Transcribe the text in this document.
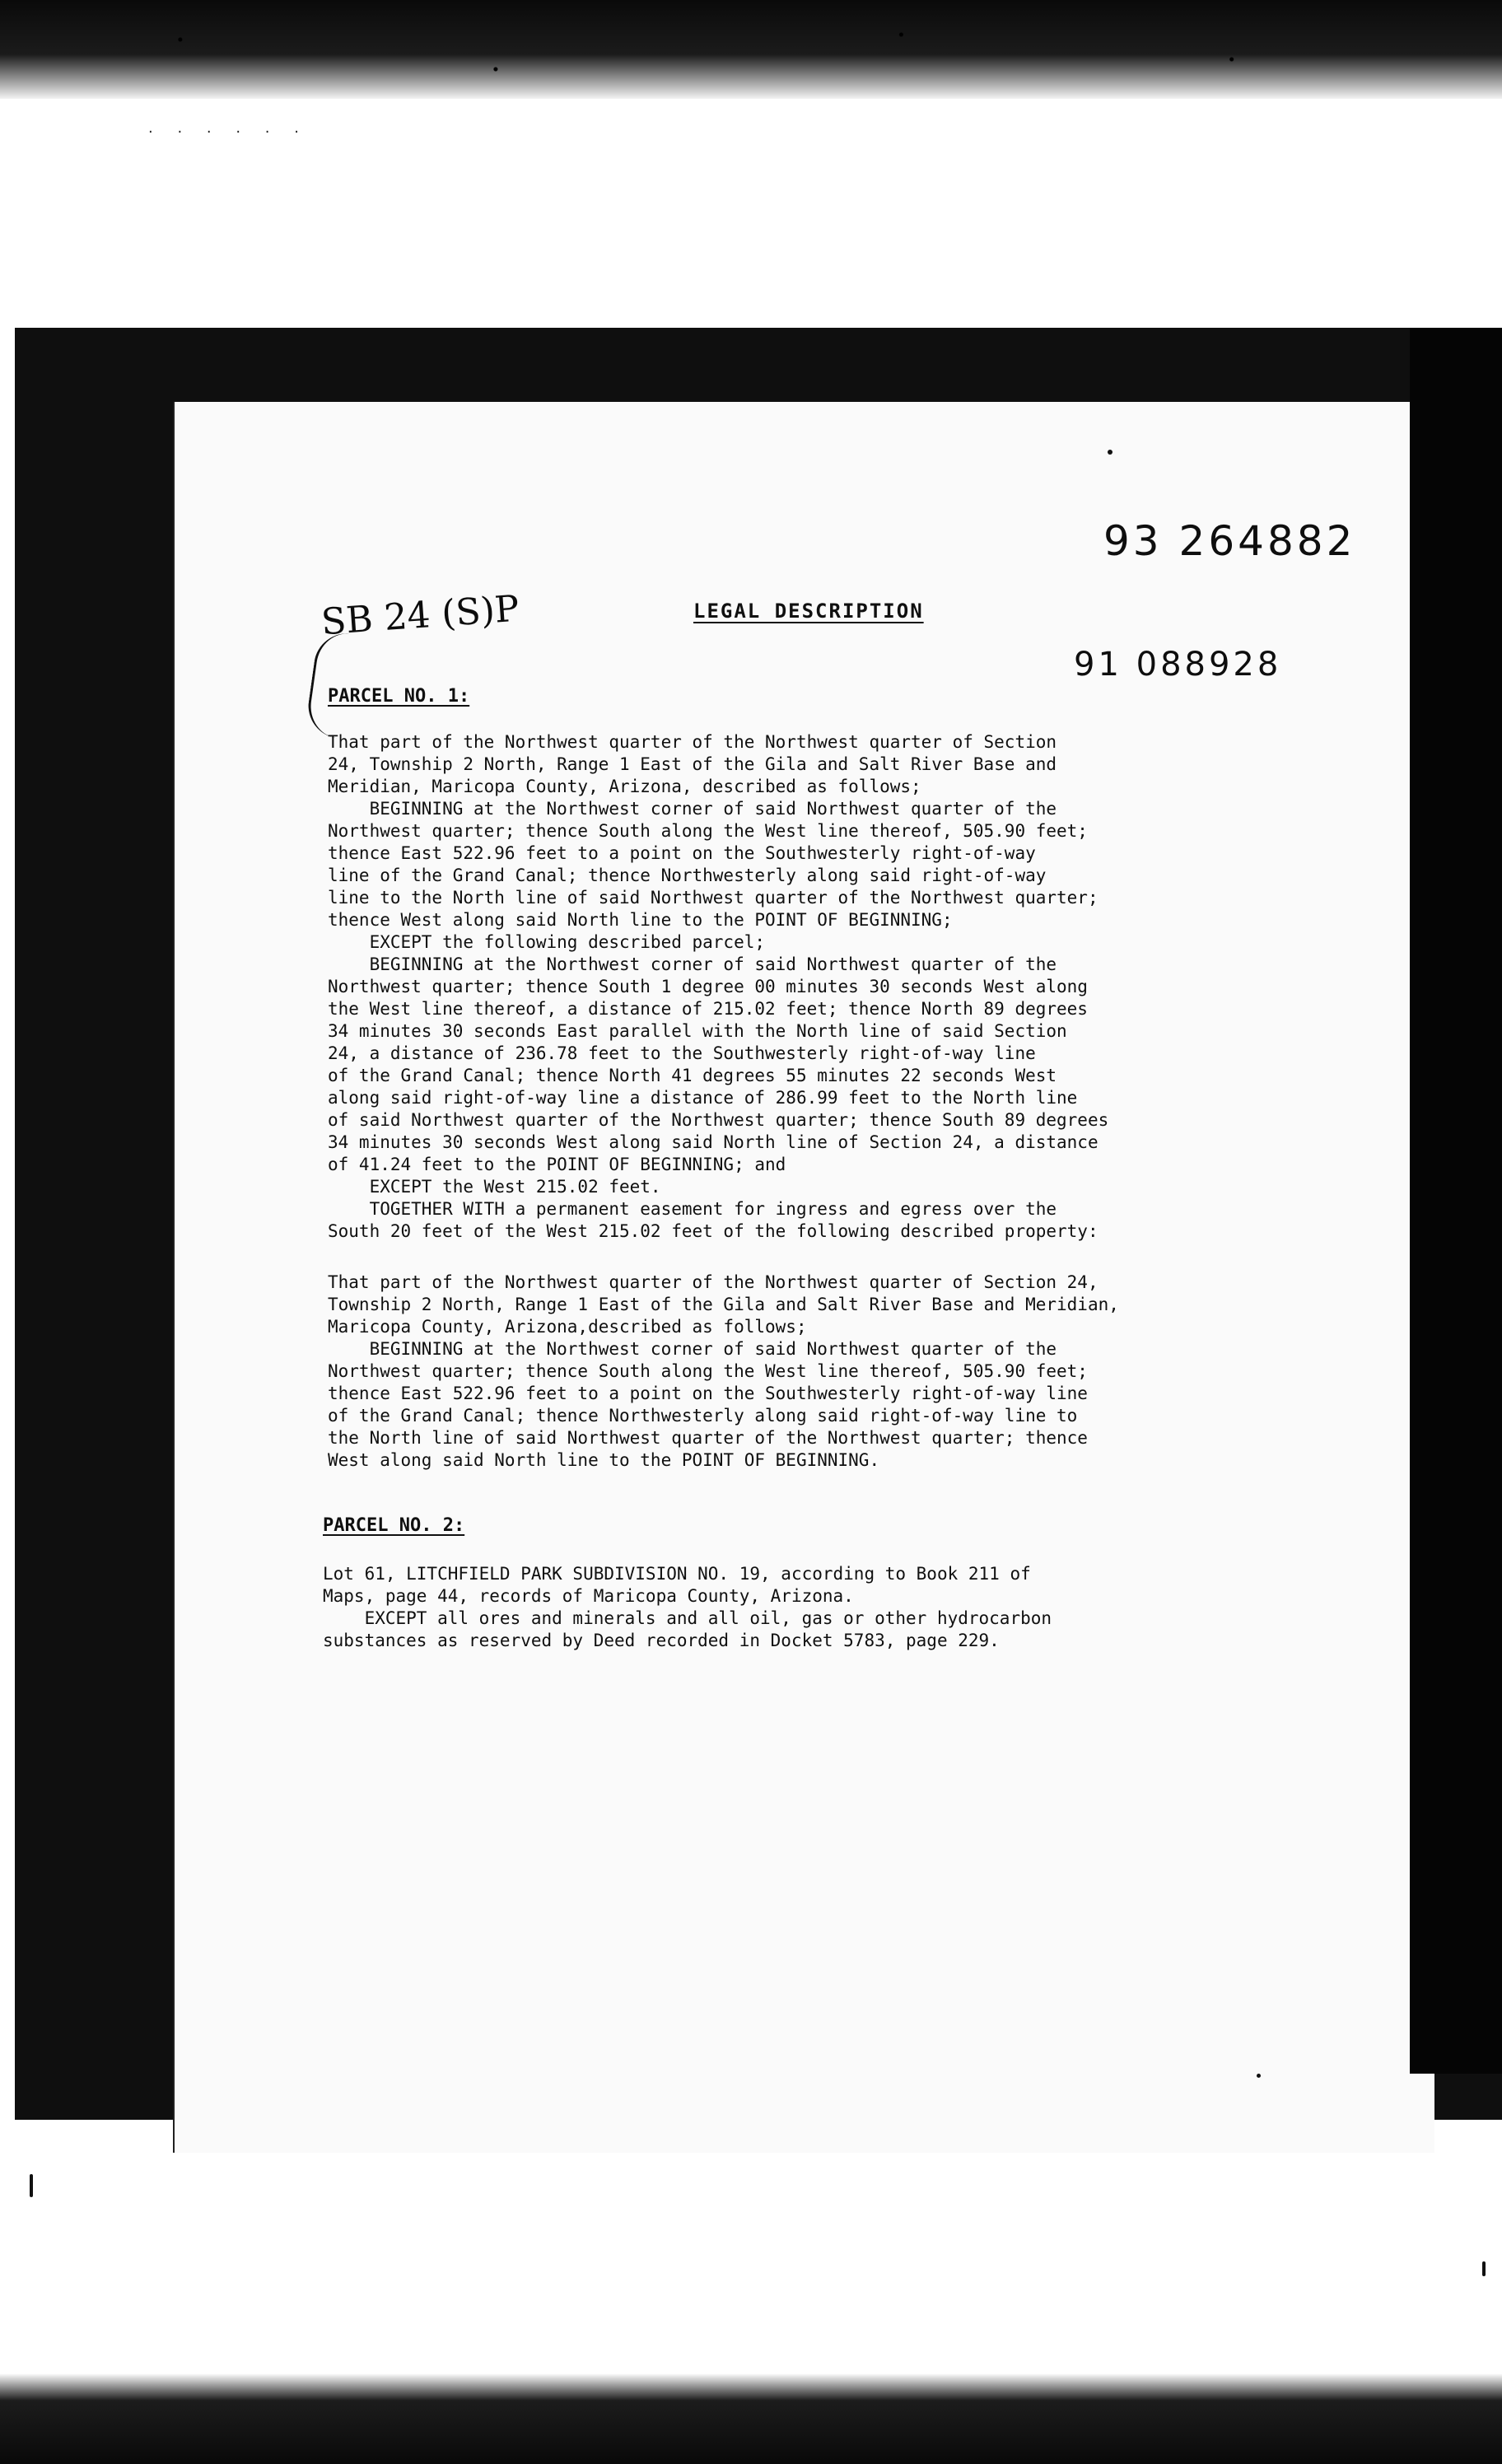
· · · · · ·
93 264882
91 088928
SB 24 (S)P	LEGAL DESCRIPTION
PARCEL NO. 1:
That part of the Northwest quarter of the Northwest quarter of Section
24, Township 2 North, Range 1 East of the Gila and Salt River Base and
Meridian, Maricopa County, Arizona, described as follows;
BEGINNING at the Northwest corner of said Northwest quarter of the
Northwest quarter; thence South along the West line thereof, 505.90 feet;
thence East 522.96 feet to a point on the Southwesterly right-of-way
line of the Grand Canal; thence Northwesterly along said right-of-way
line to the North line of said Northwest quarter of the Northwest quarter;
thence West along said North line to the POINT OF BEGINNING;
EXCEPT the following described parcel;
BEGINNING at the Northwest corner of said Northwest quarter of the
Northwest quarter; thence South 1 degree 00 minutes 30 seconds West along
the West line thereof, a distance of 215.02 feet; thence North 89 degrees
34 minutes 30 seconds East parallel with the North line of said Section
24, a distance of 236.78 feet to the Southwesterly right-of-way line
of the Grand Canal; thence North 41 degrees 55 minutes 22 seconds West
along said right-of-way line a distance of 286.99 feet to the North line
of said Northwest quarter of the Northwest quarter; thence South 89 degrees
34 minutes 30 seconds West along said North line of Section 24, a distance
of 41.24 feet to the POINT OF BEGINNING; and
EXCEPT the West 215.02 feet.
TOGETHER WITH a permanent easement for ingress and egress over the
South 20 feet of the West 215.02 feet of the following described property:
That part of the Northwest quarter of the Northwest quarter of Section 24,
Township 2 North, Range 1 East of the Gila and Salt River Base and Meridian,
Maricopa County, Arizona,described as follows;
BEGINNING at the Northwest corner of said Northwest quarter of the
Northwest quarter; thence South along the West line thereof, 505.90 feet;
thence East 522.96 feet to a point on the Southwesterly right-of-way line
of the Grand Canal; thence Northwesterly along said right-of-way line to
the North line of said Northwest quarter of the Northwest quarter; thence
West along said North line to the POINT OF BEGINNING.
PARCEL NO. 2:
Lot 61, LITCHFIELD PARK SUBDIVISION NO. 19, according to Book 211 of
Maps, page 44, records of Maricopa County, Arizona.
EXCEPT all ores and minerals and all oil, gas or other hydrocarbon
substances as reserved by Deed recorded in Docket 5783, page 229.
